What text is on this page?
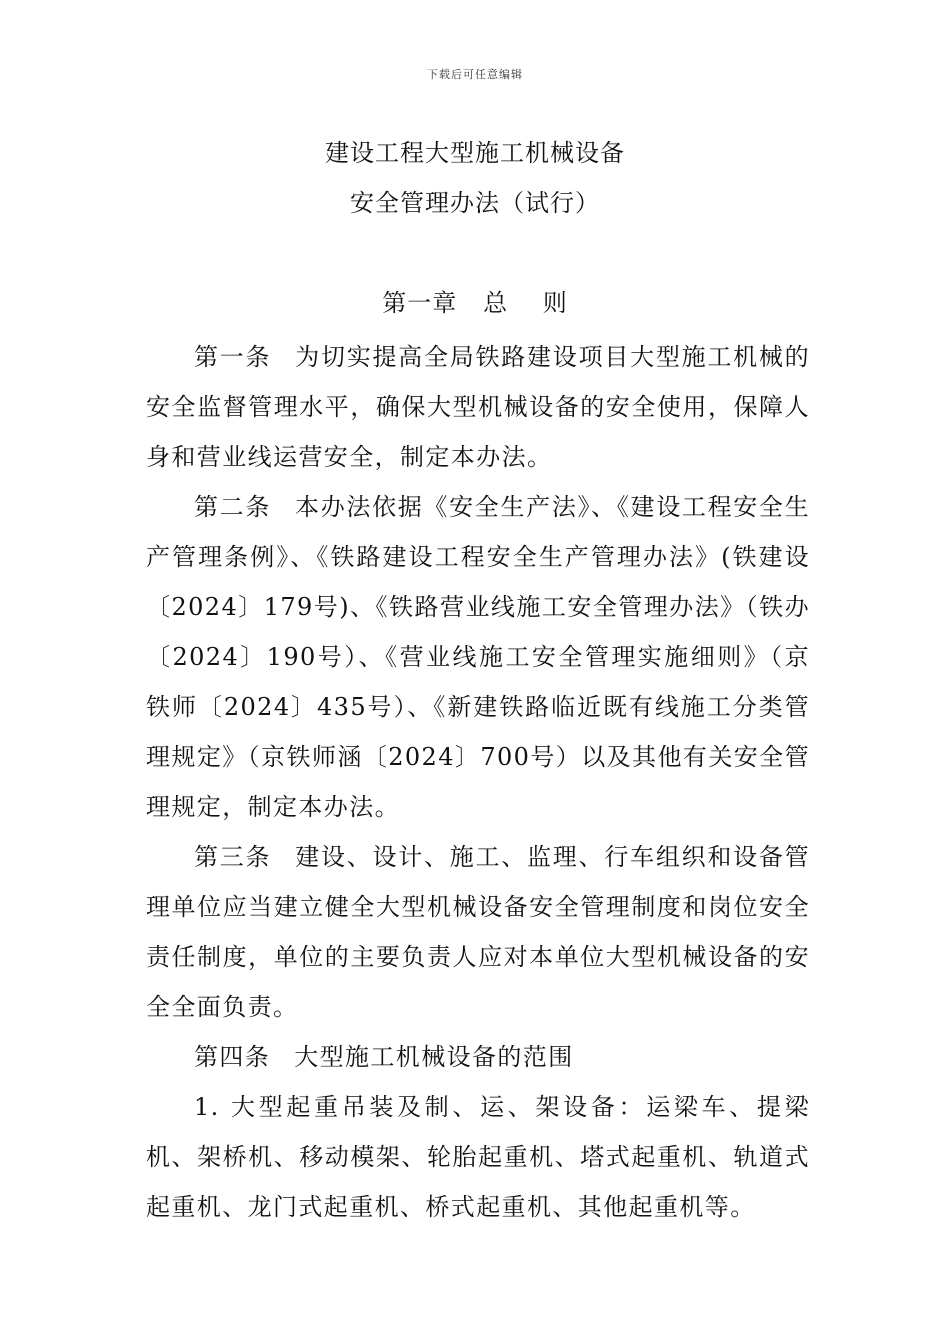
下载后可任意编辑
建设工程大型施工机械设备
安全管理办法（试行）
第一章   总    则

第一条 为切实提高全局铁路建设项目大型施工机械的安全监督管理水平，确保大型机械设备的安全使用，保障人身和营业线运营安全，制定本办法。

第二条 本办法依据《安全生产法》、《建设工程安全生产管理条例》、《铁路建设工程安全生产管理办法》(铁建设〔2024〕179号)、《铁路营业线施工安全管理办法》（铁办〔2024〕190号）、《营业线施工安全管理实施细则》（京铁师〔2024〕435号）、《新建铁路临近既有线施工分类管理规定》（京铁师涵〔2024〕700号）以及其他有关安全管理规定，制定本办法。

第三条 建设、设计、施工、监理、行车组织和设备管理单位应当建立健全大型机械设备安全管理制度和岗位安全责任制度，单位的主要负责人应对本单位大型机械设备的安全全面负责。

第四条 大型施工机械设备的范围

1. 大型起重吊装及制、运、架设备：运梁车、提梁机、架桥机、移动模架、轮胎起重机、塔式起重机、轨道式起重机、龙门式起重机、桥式起重机、其他起重机等。
